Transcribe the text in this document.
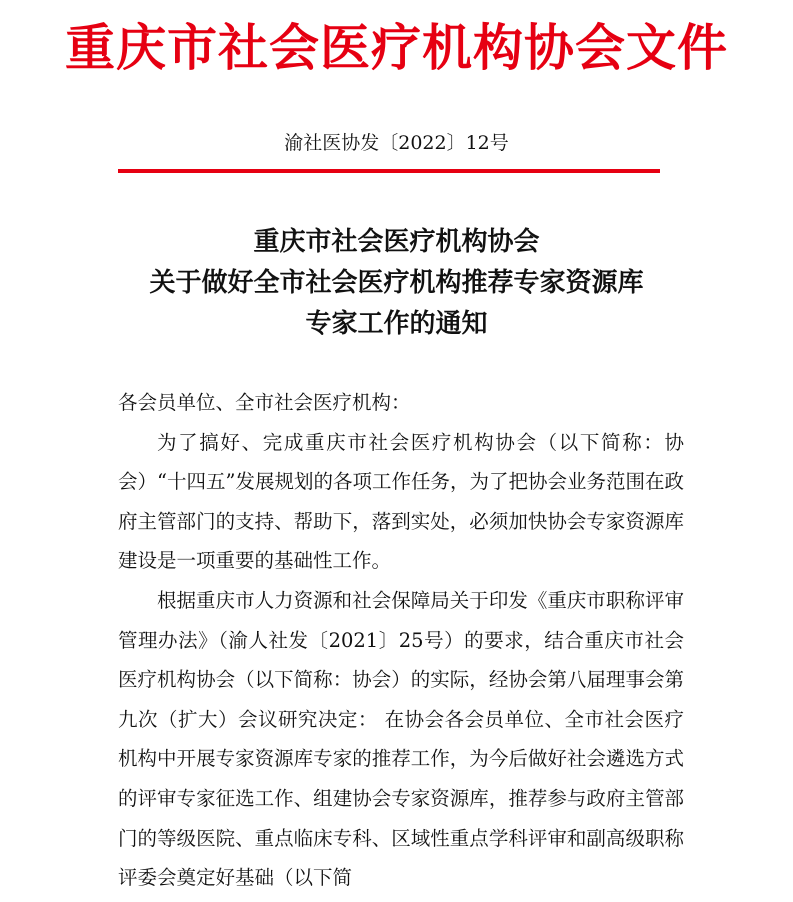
重庆市社会医疗机构协会文件
渝社医协发〔2022〕12号
重庆市社会医疗机构协会
关于做好全市社会医疗机构推荐专家资源库
专家工作的通知

各会员单位、全市社会医疗机构：

为了搞好、完成重庆市社会医疗机构协会（以下简称：协会）“十四五”发展规划的各项工作任务，为了把协会业务范围在政府主管部门的支持、帮助下，落到实处，必须加快协会专家资源库建设是一项重要的基础性工作。

根据重庆市人力资源和社会保障局关于印发《重庆市职称评审管理办法》（渝人社发〔2021〕25号）的要求，结合重庆市社会医疗机构协会（以下简称：协会）的实际，经协会第八届理事会第九次（扩大）会议研究决定： 在协会各会员单位、全市社会医疗机构中开展专家资源库专家的推荐工作，为今后做好社会遴选方式的评审专家征选工作、组建协会专家资源库，推荐参与政府主管部门的等级医院、重点临床专科、区域性重点学科评审和副高级职称评委会奠定好基础（以下简
